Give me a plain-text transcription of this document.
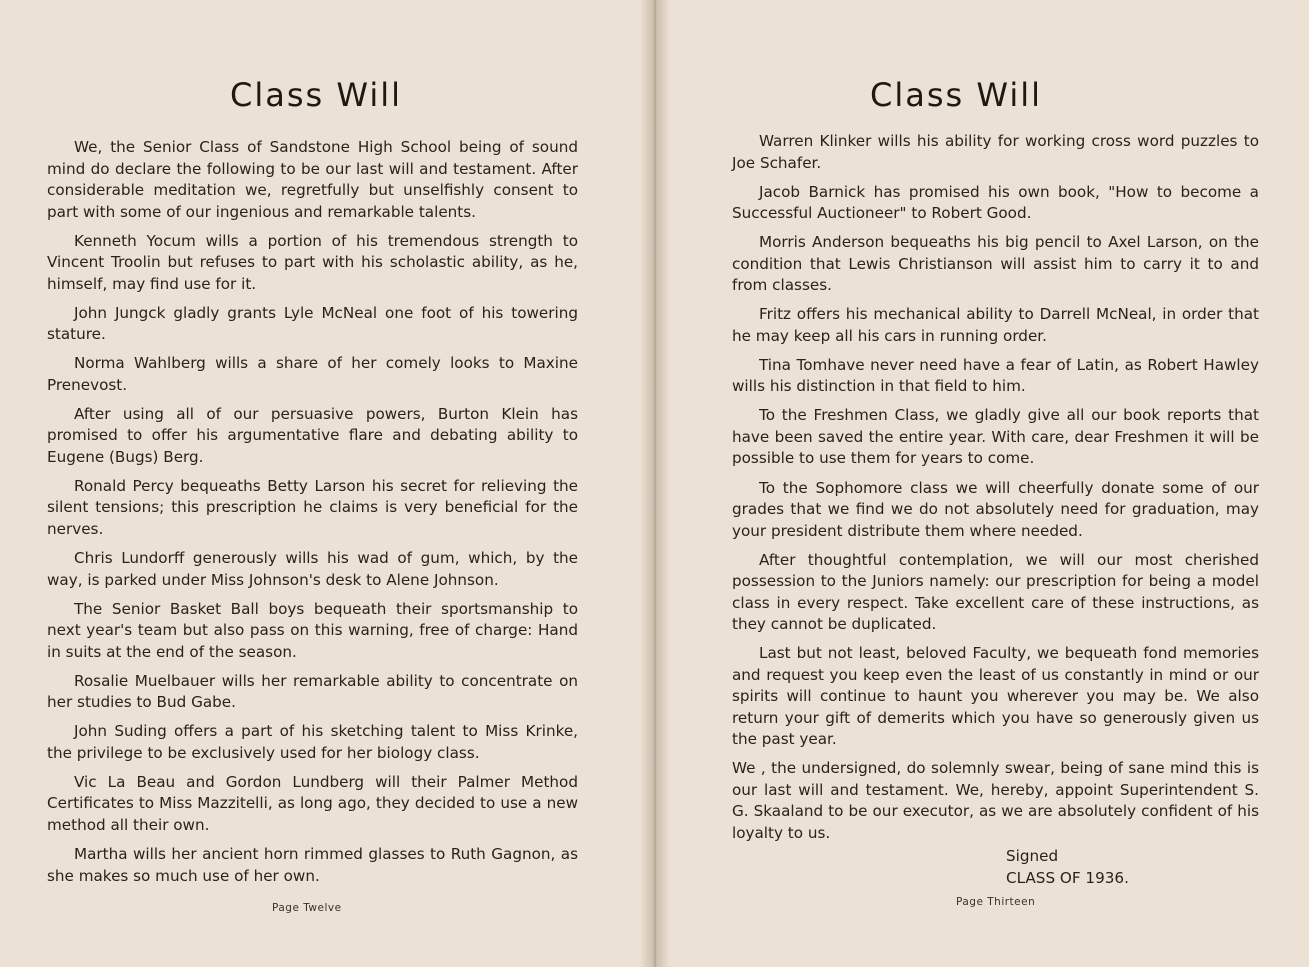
Class Will

We, the Senior Class of Sandstone High School being of sound mind do declare the following to be our last will and testament. After considerable meditation we, regretfully but unselfishly consent to part with some of our ingenious and remarkable talents.

Kenneth Yocum wills a portion of his tremendous strength to Vincent Troolin but refuses to part with his scholastic ability, as he, himself, may find use for it.

John Jungck gladly grants Lyle McNeal one foot of his towering stature.

Norma Wahlberg wills a share of her comely looks to Maxine Prenevost.

After using all of our persuasive powers, Burton Klein has promised to offer his argumentative flare and debating ability to Eugene (Bugs) Berg.

Ronald Percy bequeaths Betty Larson his secret for relieving the silent tensions; this prescription he claims is very beneficial for the nerves.

Chris Lundorff generously wills his wad of gum, which, by the way, is parked under Miss Johnson's desk to Alene Johnson.

The Senior Basket Ball boys bequeath their sportsmanship to next year's team but also pass on this warning, free of charge: Hand in suits at the end of the season.

Rosalie Muelbauer wills her remarkable ability to concentrate on her studies to Bud Gabe.

John Suding offers a part of his sketching talent to Miss Krinke, the privilege to be exclusively used for her biology class.

Vic La Beau and Gordon Lundberg will their Palmer Method Certificates to Miss Mazzitelli, as long ago, they decided to use a new method all their own.

Martha wills her ancient horn rimmed glasses to Ruth Gagnon, as she makes so much use of her own.

Page Twelve
Class Will

Warren Klinker wills his ability for working cross word puzzles to Joe Schafer.

Jacob Barnick has promised his own book, "How to become a Successful Auctioneer" to Robert Good.

Morris Anderson bequeaths his big pencil to Axel Larson, on the condition that Lewis Christianson will assist him to carry it to and from classes.

Fritz offers his mechanical ability to Darrell McNeal, in order that he may keep all his cars in running order.

Tina Tomhave never need have a fear of Latin, as Robert Hawley wills his distinction in that field to him.

To the Freshmen Class, we gladly give all our book reports that have been saved the entire year. With care, dear Freshmen it will be possible to use them for years to come.

To the Sophomore class we will cheerfully donate some of our grades that we find we do not absolutely need for graduation, may your president distribute them where needed.

After thoughtful contemplation, we will our most cherished possession to the Juniors namely: our prescription for being a model class in every respect. Take excellent care of these instructions, as they cannot be duplicated.

Last but not least, beloved Faculty, we bequeath fond memories and request you keep even the least of us constantly in mind or our spirits will continue to haunt you wherever you may be. We also return your gift of demerits which you have so generously given us the past year.

We , the undersigned, do solemnly swear, being of sane mind this is our last will and testament. We, hereby, appoint Superintendent S. G. Skaaland to be our executor, as we are absolutely confident of his loyalty to us.

Signed
CLASS OF 1936.
Page Thirteen
